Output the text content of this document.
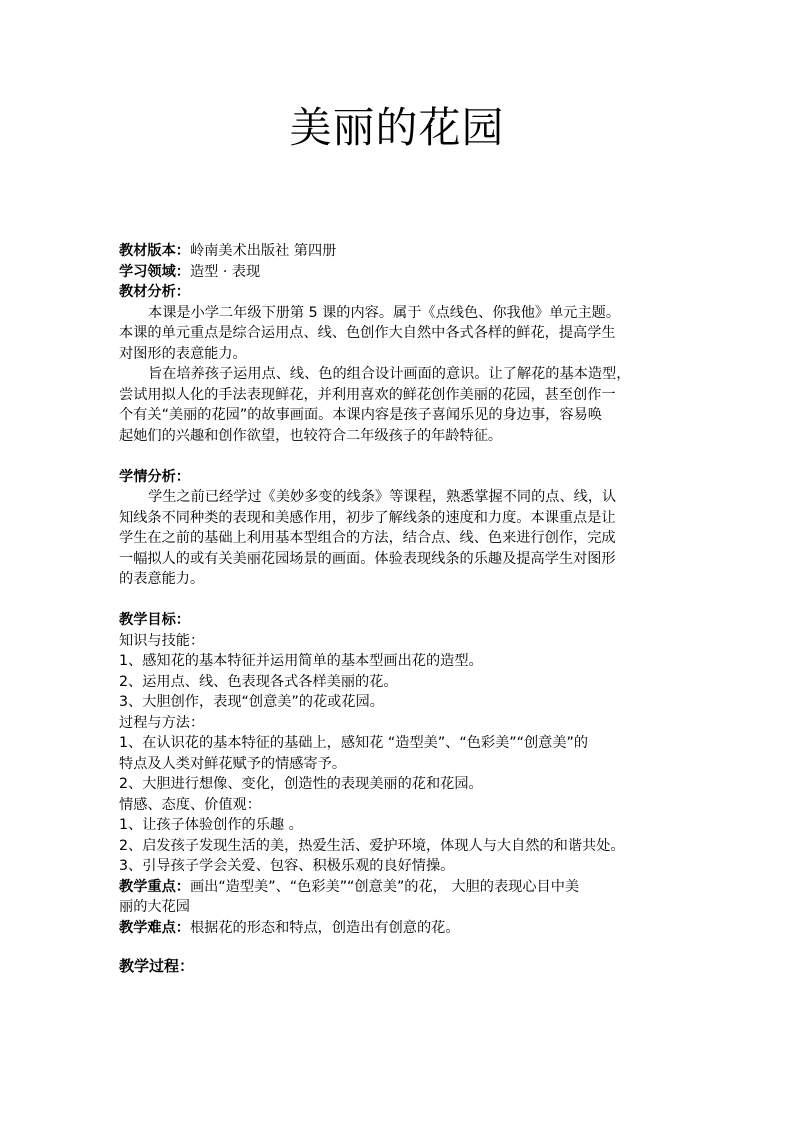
美丽的花园
教材版本：岭南美术出版社 第四册
学习领域：造型 · 表现
教材分析：
本课是小学二年级下册第 5 课的内容。属于《点线色、你我他》单元主题。
本课的单元重点是综合运用点、线、色创作大自然中各式各样的鲜花，提高学生
对图形的表意能力。
旨在培养孩子运用点、线、色的组合设计画面的意识。让了解花的基本造型，
尝试用拟人化的手法表现鲜花，并利用喜欢的鲜花创作美丽的花园，甚至创作一
个有关“美丽的花园”的故事画面。本课内容是孩子喜闻乐见的身边事，容易唤
起她们的兴趣和创作欲望，也较符合二年级孩子的年龄特征。
学情分析：
学生之前已经学过《美妙多变的线条》等课程，熟悉掌握不同的点、线，认
知线条不同种类的表现和美感作用，初步了解线条的速度和力度。本课重点是让
学生在之前的基础上利用基本型组合的方法，结合点、线、色来进行创作，完成
一幅拟人的或有关美丽花园场景的画面。体验表现线条的乐趣及提高学生对图形
的表意能力。
教学目标：
知识与技能：
1、感知花的基本特征并运用简单的基本型画出花的造型。
2、运用点、线、色表现各式各样美丽的花。
3、大胆创作，表现“创意美”的花或花园。
过程与方法：
1、在认识花的基本特征的基础上，感知花 “造型美”、“色彩美”“创意美”的
特点及人类对鲜花赋予的情感寄予。
2、大胆进行想像、变化，创造性的表现美丽的花和花园。
情感、态度、价值观：
1、让孩子体验创作的乐趣 。
2、启发孩子发现生活的美，热爱生活、爱护环境，体现人与大自然的和谐共处。
3、引导孩子学会关爱、包容、积极乐观的良好情操。
教学重点：画出“造型美”、“色彩美”“创意美”的花， 大胆的表现心目中美
丽的大花园
教学难点：根据花的形态和特点，创造出有创意的花。
教学过程：
